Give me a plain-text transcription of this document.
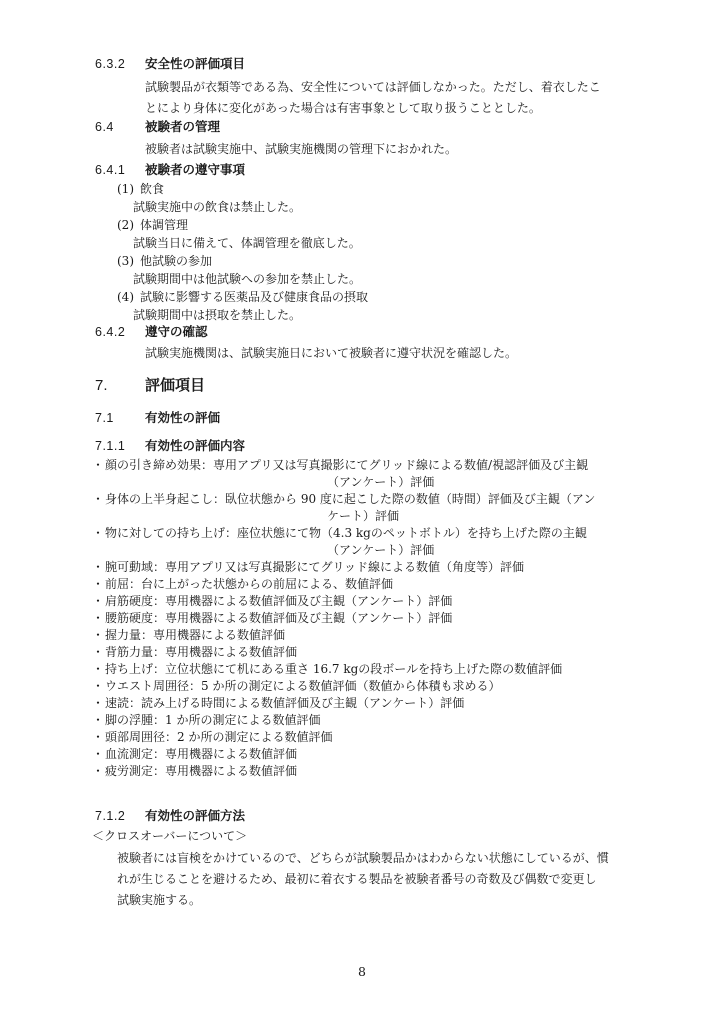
6.3.2	安全性の評価項目
試験製品が衣類等である為、安全性については評価しなかった。ただし、着衣したこ
とにより身体に変化があった場合は有害事象として取り扱うこととした。
6.4	被験者の管理
被験者は試験実施中、試験実施機関の管理下におかれた。
6.4.1	被験者の遵守事項
(1) 飲食
試験実施中の飲食は禁止した。
(2) 体調管理
試験当日に備えて、体調管理を徹底した。
(3) 他試験の参加
試験期間中は他試験への参加を禁止した。
(4) 試験に影響する医薬品及び健康食品の摂取
試験期間中は摂取を禁止した。
6.4.2	遵守の確認
試験実施機関は、試験実施日において被験者に遵守状況を確認した。
7.	評価項目
7.1	有効性の評価
7.1.1	有効性の評価内容
・ 顔の引き締め効果：専用アプリ又は写真撮影にてグリッド線による数値/視認評価及び主観
（アンケート）評価
・ 身体の上半身起こし：臥位状態から 90 度に起こした際の数値（時間）評価及び主観（アン
ケート）評価
・ 物に対しての持ち上げ：座位状態にて物（4.3 kgのペットボトル）を持ち上げた際の主観
（アンケート）評価
・ 腕可動域：専用アプリ又は写真撮影にてグリッド線による数値（角度等）評価
・ 前屈：台に上がった状態からの前屈による、数値評価
・ 肩筋硬度：専用機器による数値評価及び主観（アンケート）評価
・ 腰筋硬度：専用機器による数値評価及び主観（アンケート）評価
・ 握力量：専用機器による数値評価
・ 背筋力量：専用機器による数値評価
・ 持ち上げ：立位状態にて机にある重さ 16.7 kgの段ボールを持ち上げた際の数値評価
・ ウエスト周囲径：5 か所の測定による数値評価（数値から体積も求める）
・ 速読：読み上げる時間による数値評価及び主観（アンケート）評価
・ 脚の浮腫：1 か所の測定による数値評価
・ 頭部周囲径：2 か所の測定による数値評価
・ 血流測定：専用機器による数値評価
・ 疲労測定：専用機器による数値評価
7.1.2	有効性の評価方法
＜クロスオーバーについて＞
被験者には盲検をかけているので、どちらが試験製品かはわからない状態にしているが、慣
れが生じることを避けるため、最初に着衣する製品を被験者番号の奇数及び偶数で変更し
試験実施する。
8
